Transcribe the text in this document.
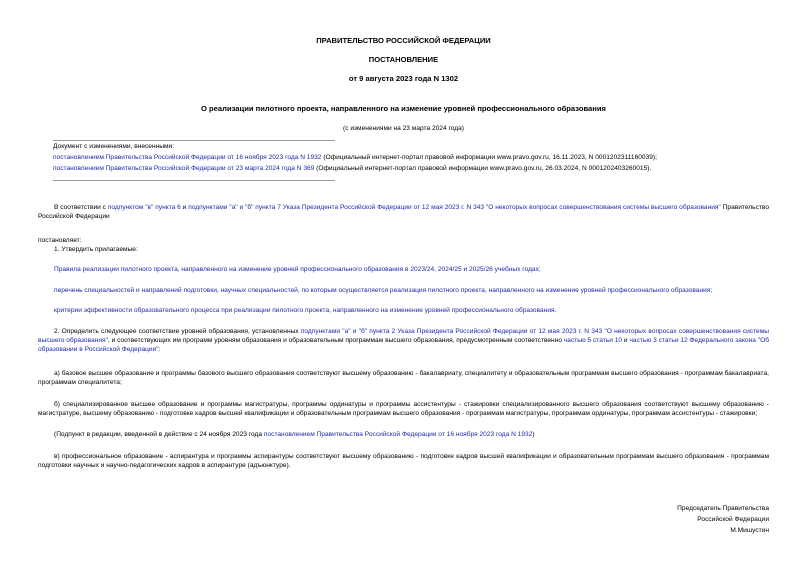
ПРАВИТЕЛЬСТВО РОССИЙСКОЙ ФЕДЕРАЦИИ
ПОСТАНОВЛЕНИЕ
от 9 августа 2023 года N 1302
О реализации пилотного проекта, направленного на изменение уровней профессионального образования
(с изменениями на 23 марта 2024 года)
Документ с изменениями, внесенными:
постановлением Правительства Российской Федерации от 16 ноября 2023 года N 1932 (Официальный интернет-портал правовой информации www.pravo.gov.ru, 16.11.2023, N 0001202311160039);
постановлением Правительства Российской Федерации от 23 марта 2024 года N 369 (Официальный интернет-портал правовой информации www.pravo.gov.ru, 26.03.2024, N 0001202403260015).
В соответствии с подпунктом "в" пункта 6 и подпунктами "а" и "б" пункта 7 Указа Президента Российской Федерации от 12 мая 2023 г. N 343 "О некоторых вопросах совершенствования системы высшего образования" Правительство Российской Федерации
постановляет:
1. Утвердить прилагаемые:
Правила реализации пилотного проекта, направленного на изменение уровней профессионального образования в 2023/24, 2024/25 и 2025/26 учебных годах;
перечень специальностей и направлений подготовки, научных специальностей, по которым осуществляется реализация пилотного проекта, направленного на изменение уровней профессионального образования;
критерии эффективности образовательного процесса при реализации пилотного проекта, направленного на изменение уровней профессионального образования.
2. Определить следующее соответствие уровней образования, установленных подпунктами "а" и "б" пункта 2 Указа Президента Российской Федерации от 12 мая 2023 г. N 343 "О некоторых вопросах совершенствования системы высшего образования", и соответствующих им программ уровням образования и образовательным программам высшего образования, предусмотренным соответственно частью 5 статьи 10 и частью 3 статьи 12 Федерального закона "Об образовании в Российской Федерации":
а) базовое высшее образование и программы базового высшего образования соответствуют высшему образованию - бакалавриату, специалитету и образовательным программам высшего образования - программам бакалавриата, программам специалитета;
б) специализированное высшее образование и программы магистратуры, программы ординатуры и программы ассистентуры - стажировки специализированного высшего образования соответствуют высшему образованию - магистратуре, высшему образованию - подготовке кадров высшей квалификации и образовательным программам высшего образования - программам магистратуры, программам ординатуры, программам ассистентуры - стажировки;
(Подпункт в редакции, введенной в действие с 24 ноября 2023 года постановлением Правительства Российской Федерации от 16 ноября 2023 года N 1932)
в) профессиональное образование - аспирантура и программы аспирантуры соответствуют высшему образованию - подготовке кадров высшей квалификации и образовательным программам высшего образования - программам подготовки научных и научно-педагогических кадров в аспирантуре (адъюнктуре).
Председатель Правительства
Российской Федерации
М.Мишустин
